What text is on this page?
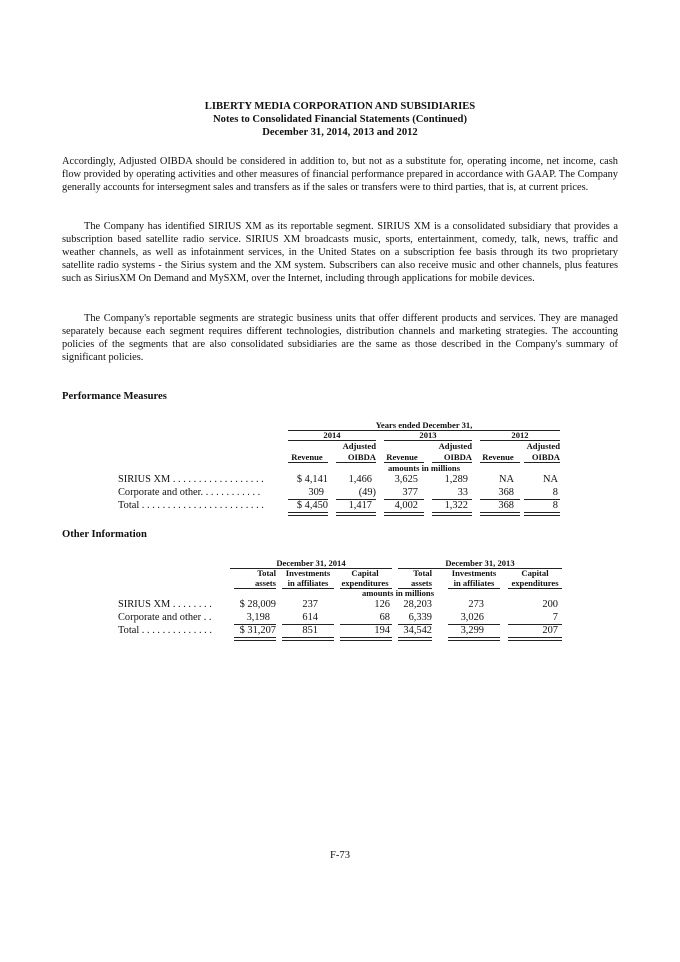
LIBERTY MEDIA CORPORATION AND SUBSIDIARIES
Notes to Consolidated Financial Statements (Continued)
December 31, 2014, 2013 and 2012

Accordingly, Adjusted OIBDA should be considered in addition to, but not as a substitute for, operating income, net income, cash flow provided by operating activities and other measures of financial performance prepared in accordance with GAAP. The Company generally accounts for intersegment sales and transfers as if the sales or transfers were to third parties, that is, at current prices.

The Company has identified SIRIUS XM as its reportable segment. SIRIUS XM is a consolidated subsidiary that provides a subscription based satellite radio service. SIRIUS XM broadcasts music, sports, entertainment, comedy, talk, news, traffic and weather channels, as well as infotainment services, in the United States on a subscription fee basis through its two proprietary satellite radio systems - the Sirius system and the XM system. Subscribers can also receive music and other channels, plus features such as SiriusXM On Demand and MySXM, over the Internet, including through applications for mobile devices.

The Company's reportable segments are strategic business units that offer different products and services. They are managed separately because each segment requires different technologies, distribution channels and marketing strategies. The accounting policies of the segments that are also consolidated subsidiaries are the same as those described in the Company's summary of significant policies.

Performance Measures
Years ended December 31,
2014	2013	2012
Adjusted	Adjusted	Adjusted
Revenue	OIBDA	Revenue	OIBDA	Revenue	OIBDA
amounts in millions
SIRIUS XM . . . . . . . . . . . . . . . . . .	$ 4,141	1,466	3,625	1,289	NA	NA
Corporate and other. . . . . . . . . . . .	309	(49)	377	33	368	8
Total . . . . . . . . . . . . . . . . . . . . . . . .	$ 4,450	1,417	4,002	1,322	368	8
Other Information
December 31, 2014	December 31, 2013
Total	Investments	Capital	Total	Investments	Capital
assets	in affiliates	expenditures	assets	in affiliates	expenditures
amounts in millions
SIRIUS XM . . . . . . . .	$ 28,009	237	126	28,203	273	200
Corporate and other . .	3,198	614	68	6,339	3,026	7
Total . . . . . . . . . . . . . .	$ 31,207	851	194	34,542	3,299	207
F-73
